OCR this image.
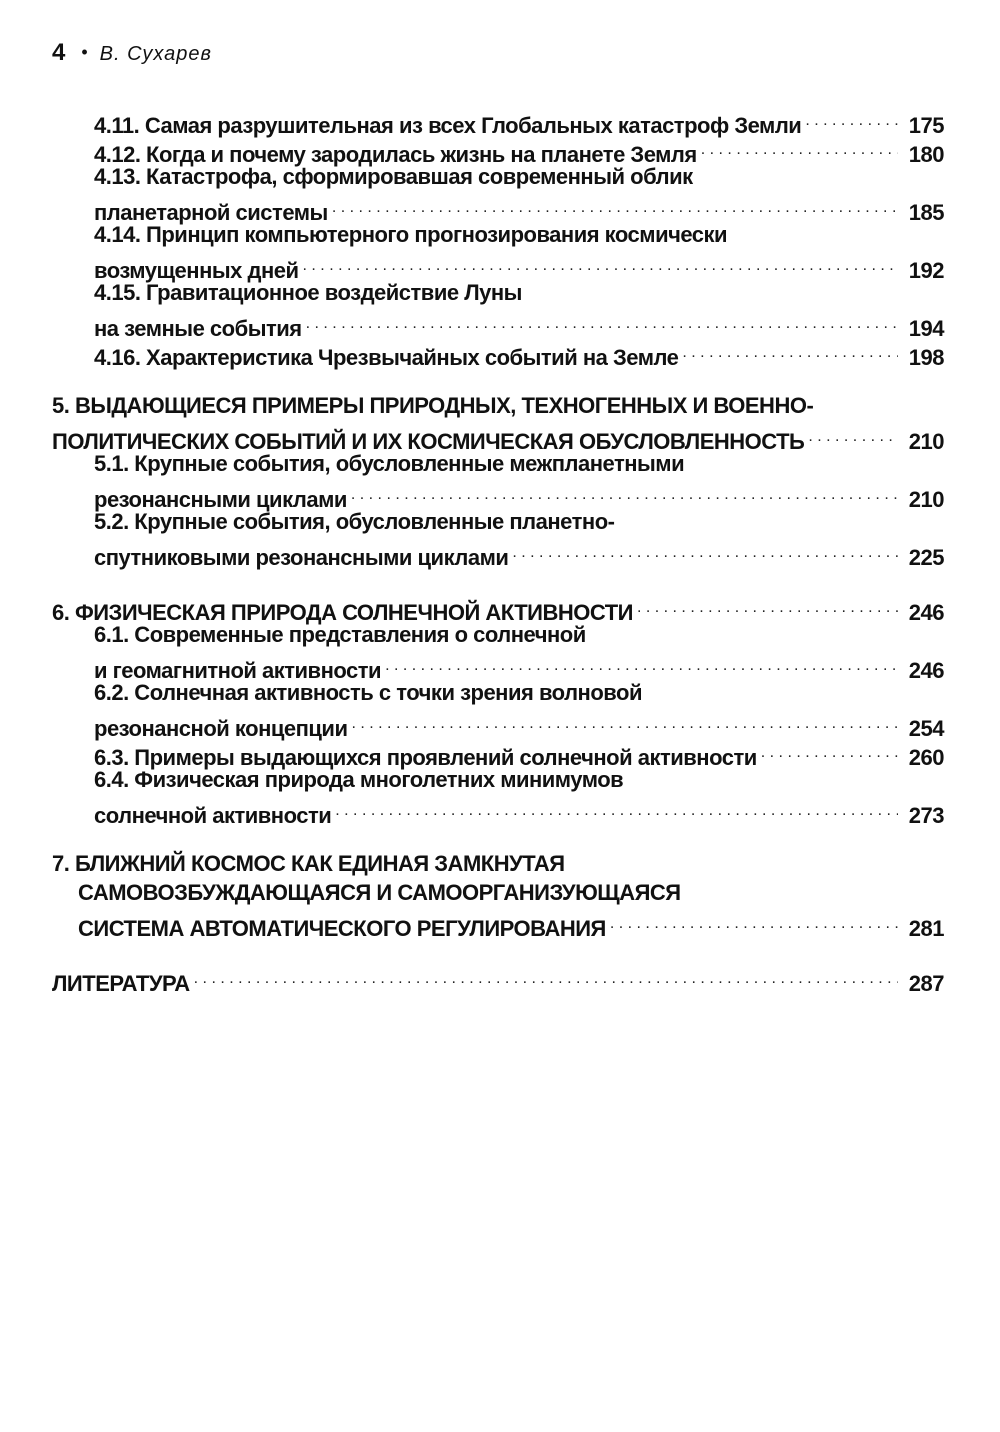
4 • В. Сухарев
4.11. Самая разрушительная из всех Глобальных катастроф Земли . . .	175
4.12. Когда и почему зародилась жизнь на планете Земля . . .	180
4.13. Катастрофа, сформировавшая современный облик
планетарной системы . . .	185
4.14. Принцип компьютерного прогнозирования космически
возмущенных дней . . .	192
4.15. Гравитационное воздействие Луны
на земные события . . .	194
4.16. Характеристика Чрезвычайных событий на Земле . . .	198
5. ВЫДАЮЩИЕСЯ ПРИМЕРЫ ПРИРОДНЫХ, ТЕХНОГЕННЫХ И ВОЕННО-
ПОЛИТИЧЕСКИХ СОБЫТИЙ И ИХ КОСМИЧЕСКАЯ ОБУСЛОВЛЕННОСТЬ . . .	210
5.1. Крупные события, обусловленные межпланетными
резонансными циклами . . .	210
5.2. Крупные события, обусловленные планетно-
спутниковыми резонансными циклами . . .	225
6. ФИЗИЧЕСКАЯ ПРИРОДА СОЛНЕЧНОЙ АКТИВНОСТИ . . .	246
6.1. Современные представления о солнечной
и геомагнитной активности . . .	246
6.2. Солнечная активность с точки зрения волновой
резонансной концепции . . .	254
6.3. Примеры выдающихся проявлений солнечной активности . . .	260
6.4. Физическая природа многолетних минимумов
солнечной активности . . .	273
7. БЛИЖНИЙ КОСМОС КАК ЕДИНАЯ ЗАМКНУТАЯ
САМОВОЗБУЖДАЮЩАЯСЯ И САМООРГАНИЗУЮЩАЯСЯ
СИСТЕМА АВТОМАТИЧЕСКОГО РЕГУЛИРОВАНИЯ . . .	281
ЛИТЕРАТУРА . . .	287
